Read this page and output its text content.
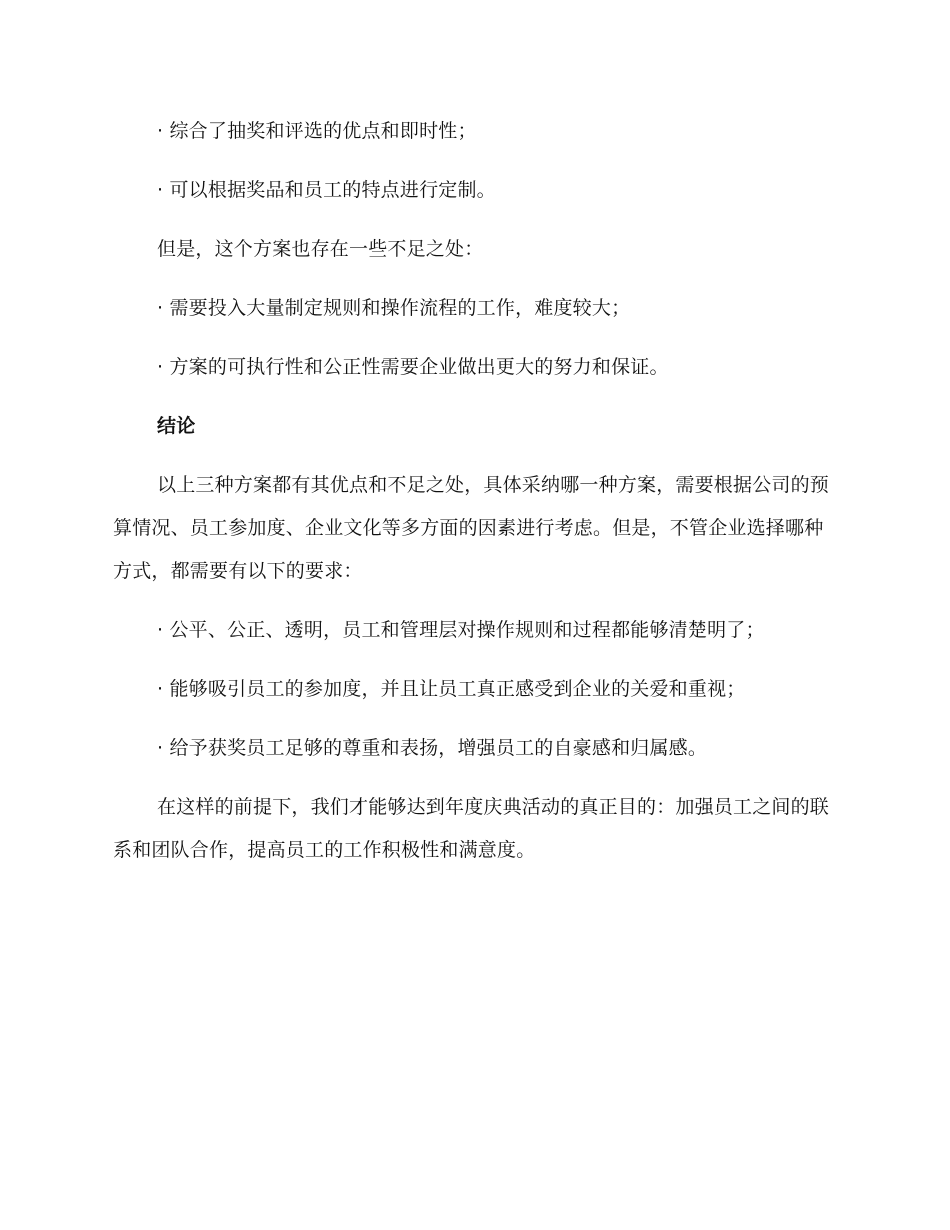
· 综合了抽奖和评选的优点和即时性；

· 可以根据奖品和员工的特点进行定制。

但是，这个方案也存在一些不足之处：

· 需要投入大量制定规则和操作流程的工作，难度较大；

· 方案的可执行性和公正性需要企业做出更大的努力和保证。

结论

以上三种方案都有其优点和不足之处，具体采纳哪一种方案，需要根据公司的预算情况、员工参加度、企业文化等多方面的因素进行考虑。但是，不管企业选择哪种方式，都需要有以下的要求：

· 公平、公正、透明，员工和管理层对操作规则和过程都能够清楚明了；

· 能够吸引员工的参加度，并且让员工真正感受到企业的关爱和重视；

· 给予获奖员工足够的尊重和表扬，增强员工的自豪感和归属感。

在这样的前提下，我们才能够达到年度庆典活动的真正目的：加强员工之间的联系和团队合作，提高员工的工作积极性和满意度。
